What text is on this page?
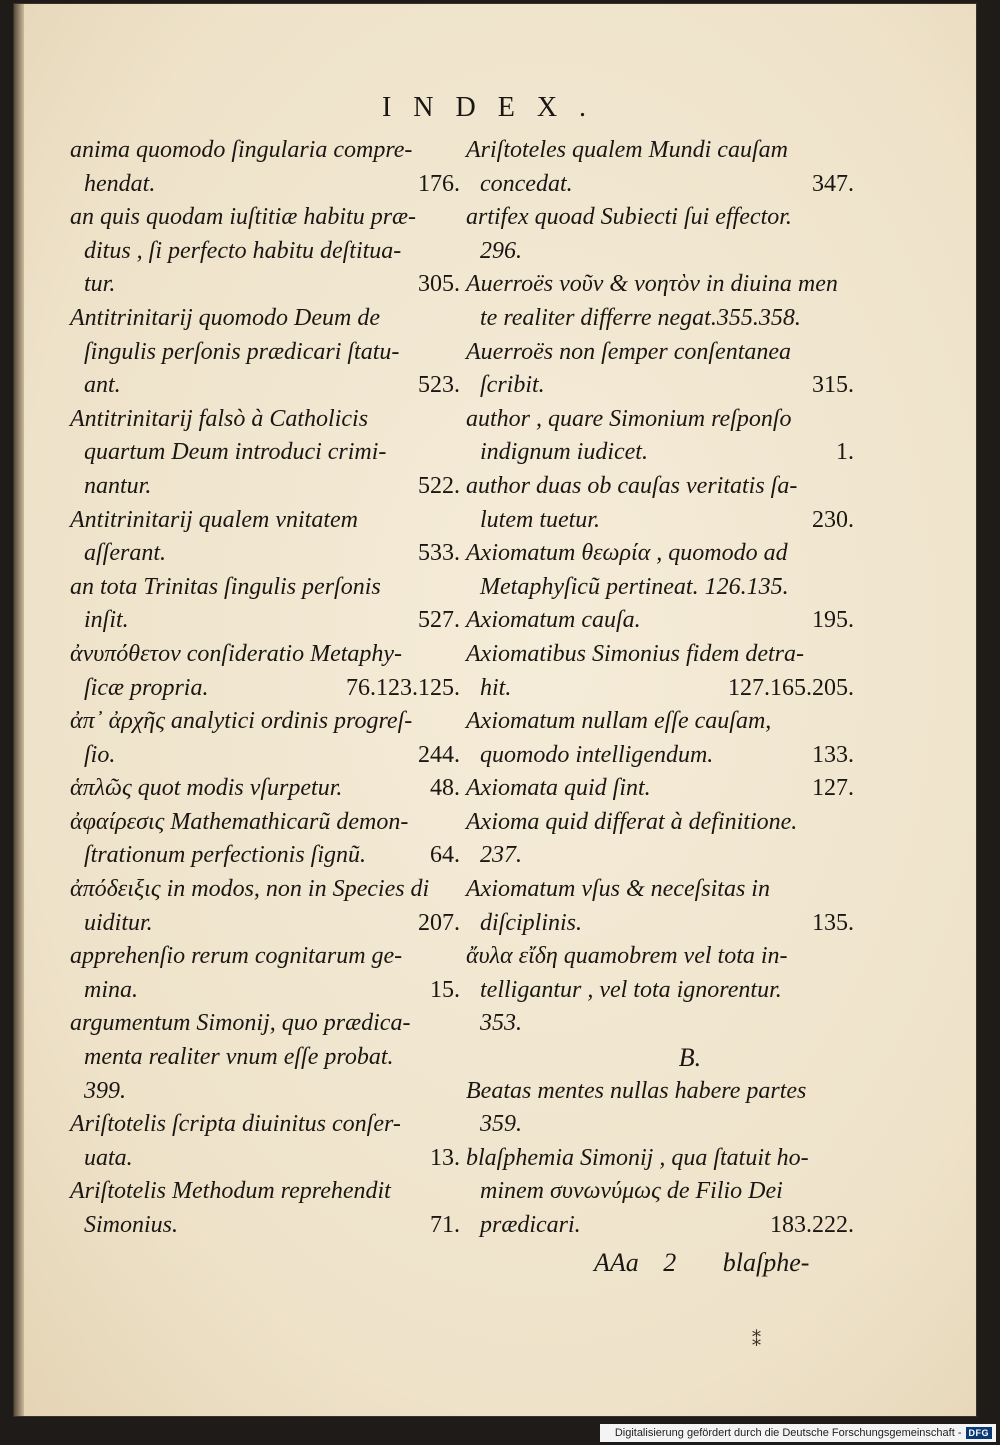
INDEX.
anima quomodo ſingularia compre-
hendat.	176.
an quis quodam iuſtitiæ habitu præ-
ditus , ſi perfecto habitu deſtitua-
tur.	305.
Antitrinitarij quomodo Deum de
ſingulis perſonis prædicari ſtatu-
ant.	523.
Antitrinitarij falsò à Catholicis
quartum Deum introduci crimi-
nantur.	522.
Antitrinitarij qualem vnitatem
aſſerant.	533.
an tota Trinitas ſingulis perſonis
inſit.	527.
ἀνυπόθετον conſideratio Metaphy-
ſicæ propria.	76.123.125.
ἀπ᾽ ἀρχῆς analytici ordinis progreſ-
ſio.	244.
ἁπλῶς quot modis vſurpetur.	48.
ἀφαίρεσις Mathemathicarũ demon-
ſtrationum perfectionis ſignũ.	64.
ἀπόδειξις in modos, non in Species di
uiditur.	207.
apprehenſio rerum cognitarum ge-
mina.	15.
argumentum Simonij, quo prædica-
menta realiter vnum eſſe probat.
399.
Ariſtotelis ſcripta diuinitus conſer-
uata.	13.
Ariſtotelis Methodum reprehendit
Simonius.	71.
Ariſtoteles qualem Mundi cauſam
concedat.	347.
artifex quoad Subiecti ſui effector.
296.
Auerroës νοῦν & νοητὸν in diuina men
te realiter differre negat.355.358.
Auerroës non ſemper conſentanea
ſcribit.	315.
author , quare Simonium reſponſo
indignum iudicet.	1.
author duas ob cauſas veritatis ſa-
lutem tuetur.	230.
Axiomatum θεωρία , quomodo ad
Metaphyſicũ pertineat. 126.135.
Axiomatum cauſa.	195.
Axiomatibus Simonius fidem detra-
hit.	127.165.205.
Axiomatum nullam eſſe cauſam,
quomodo intelligendum.	133.
Axiomata quid ſint.	127.
Axioma quid differat à definitione.
237.
Axiomatum vſus & neceſsitas in
diſciplinis.	135.
ἄυλα εἴδη quamobrem vel tota in-
telligantur , vel tota ignorentur.
353.
B.
Beatas mentes nullas habere partes
359.
blaſphemia Simonij , qua ſtatuit ho-
minem συνωνύμως de Filio Dei
prædicari.	183.222.
AAa 2 blaſphe-
⁑
Digitalisierung gefördert durch die Deutsche Forschungsgemeinschaft - DFG
